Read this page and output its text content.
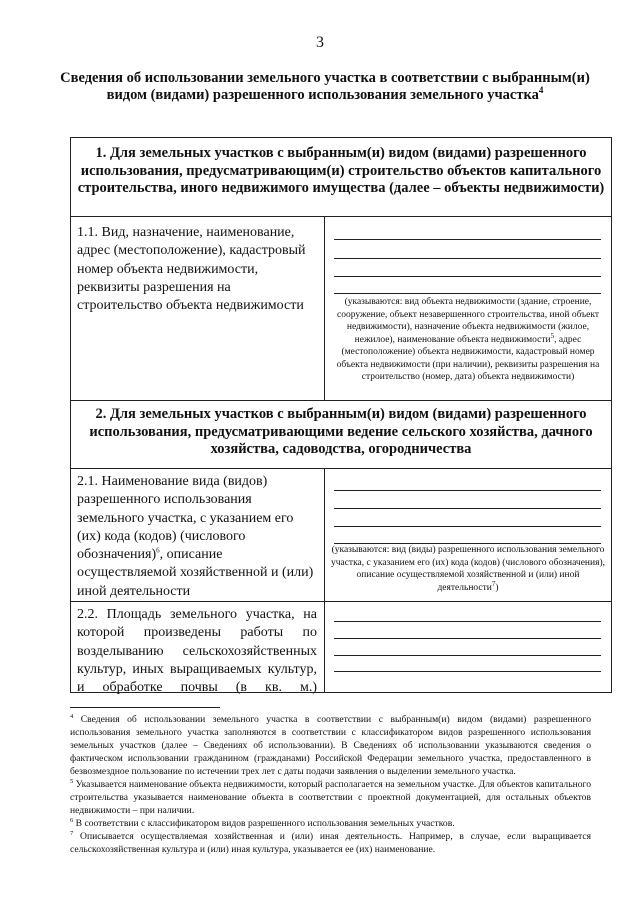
3
Сведения об использовании земельного участка в соответствии с выбранным(и) видом (видами) разрешенного использования земельного участка$^4$
1. Для земельных участков с выбранным(и) видом (видами) разрешенного использования, предусматривающим(и) строительство объектов капитального строительства, иного недвижимого имущества (далее – объекты недвижимости)
1.1. Вид, назначение, наименование, адрес (местоположение), кадастровый номер объекта недвижимости, реквизиты разрешения на строительство объекта недвижимости	(указываются: вид объекта недвижимости (здание, строение, сооружение, объект незавершенного строительства, иной объект недвижимости), назначение объекта недвижимости (жилое, нежилое), наименование объекта недвижимости$^5$, адрес (местоположение) объекта недвижимости, кадастровый номер объекта недвижимости (при наличии), реквизиты разрешения на строительство (номер, дата) объекта недвижимости)
2. Для земельных участков с выбранным(и) видом (видами) разрешенного использования, предусматривающими ведение сельского хозяйства, дачного хозяйства, садоводства, огородничества
2.1. Наименование вида (видов) разрешенного использования земельного участка, с указанием его (их) кода (кодов) (числового обозначения)$^6$, описание осуществляемой хозяйственной и (или) иной деятельности
(указываются: вид (виды) разрешенного использования земельного участка, с указанием его (их) кода (кодов) (числового обозначения), описание осуществляемой хозяйственной и (или) иной деятельности$^7$)
2.2. Площадь земельного участка, на которой произведены работы по возделыванию сельскохозяйственных культур, иных выращиваемых культур, и обработке почвы (в кв. м.)

$^4$ Сведения об использовании земельного участка в соответствии с выбранным(и) видом (видами) разрешенного использования земельного участка заполняются в соответствии с классификатором видов разрешенного использования земельных участков (далее – Сведениях об использовании). В Сведениях об использовании указываются сведения о фактическом использовании гражданином (гражданами) Российской Федерации земельного участка, предоставленного в безвозмездное пользование по истечении трех лет с даты подачи заявления о выделении земельного участка.

$^5$ Указывается наименование объекта недвижимости, который располагается на земельном участке. Для объектов капитального строительства указывается наименование объекта в соответствии с проектной документацией, для остальных объектов недвижимости – при наличии.

$^6$ В соответствии с классификатором видов разрешенного использования земельных участков.

$^7$ Описывается осуществляемая хозяйственная и (или) иная деятельность. Например, в случае, если выращивается сельскохозяйственная культура и (или) иная культура, указывается ее (их) наименование.
